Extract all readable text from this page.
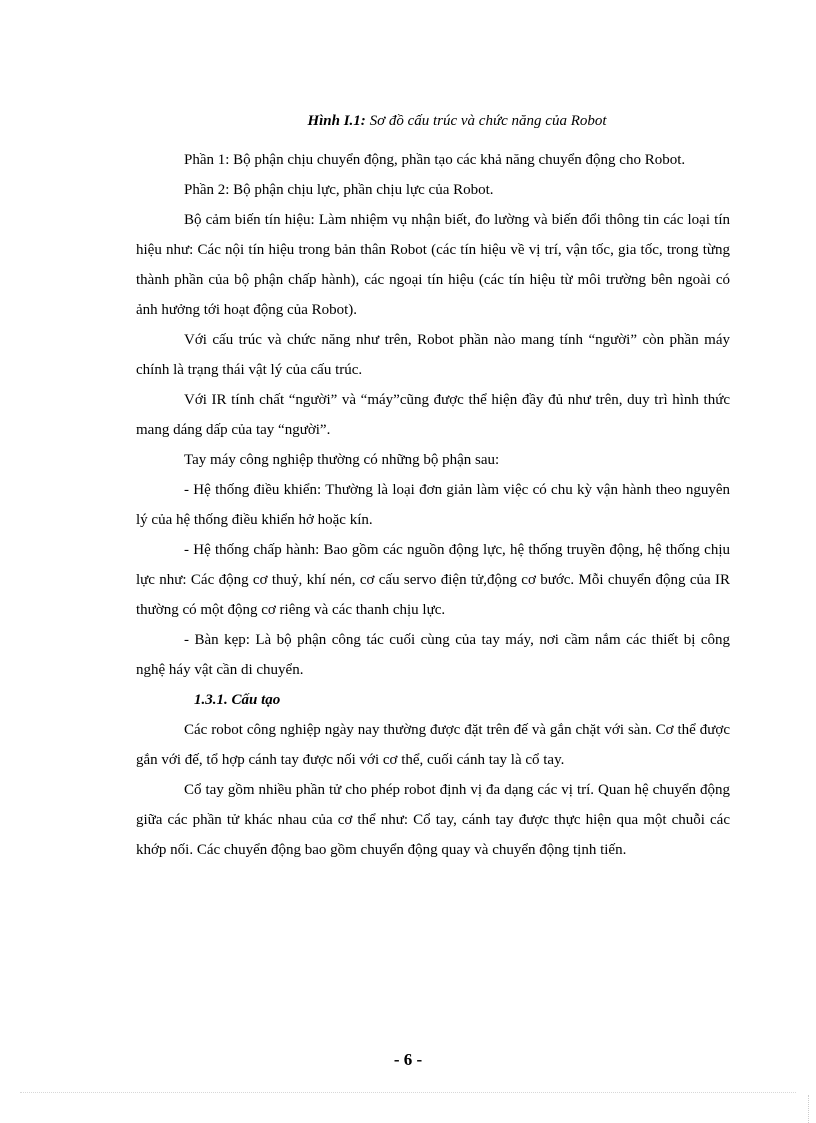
Hình I.1: Sơ đồ cấu trúc và chức năng của Robot

Phần 1: Bộ phận chịu chuyển động, phần tạo các khả năng chuyển động cho Robot.

Phần 2: Bộ phận chịu lực, phần chịu lực của Robot.

Bộ cảm biến tín hiệu: Làm nhiệm vụ nhận biết, đo lường và biến đổi thông tin các loại tín hiệu như: Các nội tín hiệu trong bản thân Robot (các tín hiệu về vị trí, vận tốc, gia tốc, trong từng thành phần của bộ phận chấp hành), các ngoại tín hiệu (các tín hiệu từ môi trường bên ngoài có ảnh hưởng tới hoạt động của Robot).

Với cấu trúc và chức năng như trên, Robot phần nào mang tính “người” còn phần máy chính là trạng thái vật lý của cấu trúc.

Với IR tính chất “người” và “máy”cũng được thể hiện đầy đủ như trên, duy trì hình thức mang dáng dấp của tay “người”.

Tay máy công nghiệp thường có những bộ phận sau:

- Hệ thống điều khiển: Thường là loại đơn giản làm việc có chu kỳ vận hành theo nguyên lý của hệ thống điều khiển hở hoặc kín.

- Hệ thống chấp hành: Bao gồm các nguồn động lực, hệ thống truyền động, hệ thống chịu lực như: Các động cơ thuỷ, khí nén, cơ cấu servo điện tử,động cơ bước. Mỗi chuyển động của IR thường có một động cơ riêng và các thanh chịu lực.

- Bàn kẹp: Là bộ phận công tác cuối cùng của tay máy, nơi cầm nắm các thiết bị công nghệ háy vật cần di chuyển.

1.3.1. Cấu tạo

Các robot công nghiệp ngày nay thường được đặt trên đế và gắn chặt với sàn. Cơ thể được gắn với đế, tổ hợp cánh tay được nối với cơ thể, cuối cánh tay là cổ tay.

Cổ tay gồm nhiều phần tử cho phép robot định vị đa dạng các vị trí. Quan hệ chuyển động giữa các phần tử khác nhau của cơ thể như: Cổ tay, cánh tay được thực hiện qua một chuỗi các khớp nối. Các chuyển động bao gồm chuyển động quay và chuyển động tịnh tiến.

- 6 -
